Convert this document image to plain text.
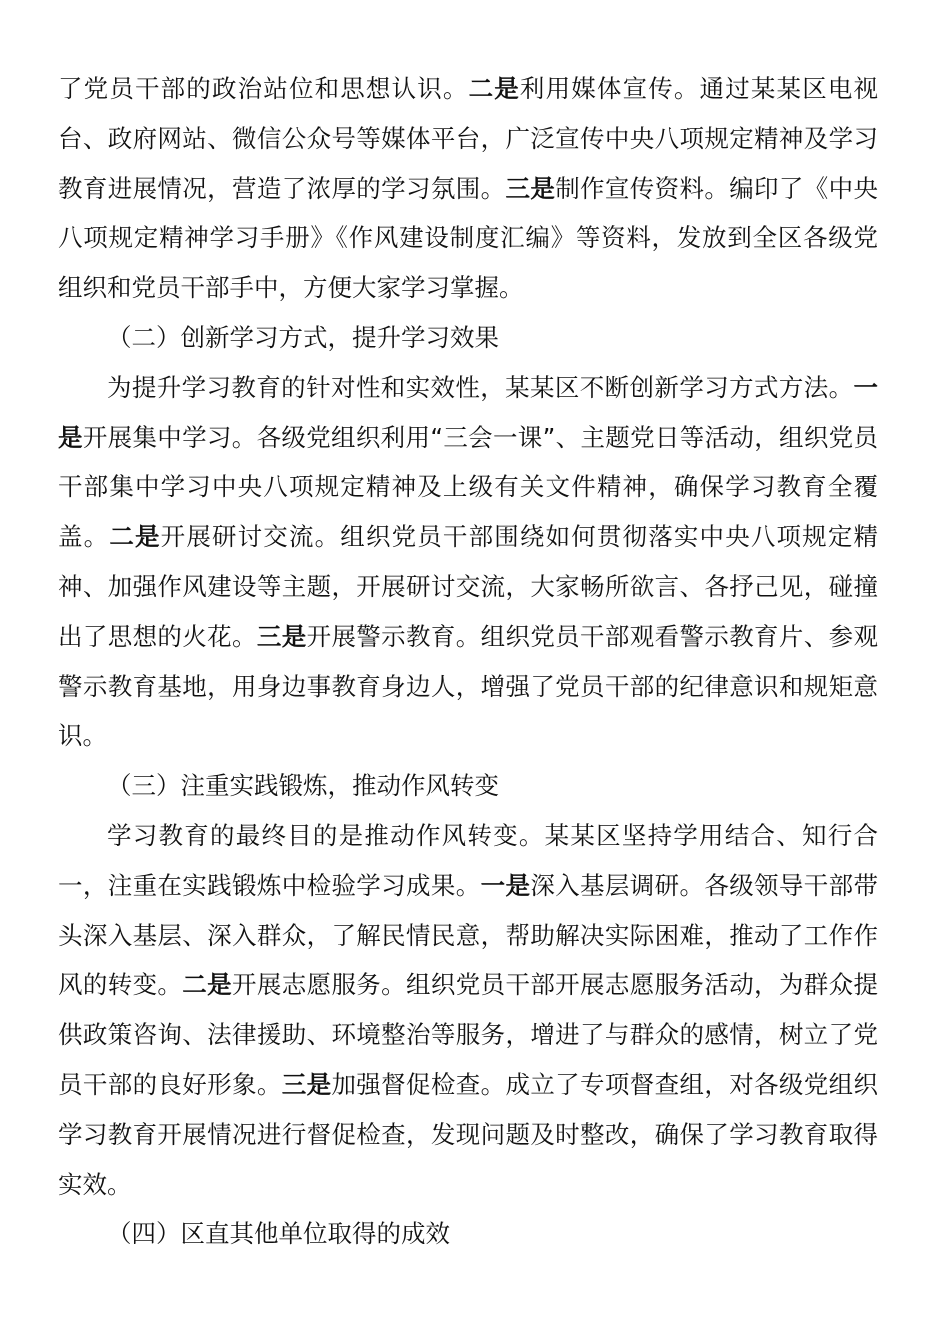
了党员干部的政治站位和思想认识。二是利用媒体宣传。通过某某区电视台、政府网站、微信公众号等媒体平台，广泛宣传中央八项规定精神及学习教育进展情况，营造了浓厚的学习氛围。三是制作宣传资料。编印了《中央八项规定精神学习手册》《作风建设制度汇编》等资料，发放到全区各级党组织和党员干部手中，方便大家学习掌握。

（二）创新学习方式，提升学习效果

为提升学习教育的针对性和实效性，某某区不断创新学习方式方法。一是开展集中学习。各级党组织利用“三会一课”、主题党日等活动，组织党员干部集中学习中央八项规定精神及上级有关文件精神，确保学习教育全覆盖。二是开展研讨交流。组织党员干部围绕如何贯彻落实中央八项规定精神、加强作风建设等主题，开展研讨交流，大家畅所欲言、各抒己见，碰撞出了思想的火花。三是开展警示教育。组织党员干部观看警示教育片、参观警示教育基地，用身边事教育身边人，增强了党员干部的纪律意识和规矩意识。

（三）注重实践锻炼，推动作风转变

学习教育的最终目的是推动作风转变。某某区坚持学用结合、知行合一，注重在实践锻炼中检验学习成果。一是深入基层调研。各级领导干部带头深入基层、深入群众，了解民情民意，帮助解决实际困难，推动了工作作风的转变。二是开展志愿服务。组织党员干部开展志愿服务活动，为群众提供政策咨询、法律援助、环境整治等服务，增进了与群众的感情，树立了党员干部的良好形象。三是加强督促检查。成立了专项督查组，对各级党组织学习教育开展情况进行督促检查，发现问题及时整改，确保了学习教育取得实效。

（四）区直其他单位取得的成效
